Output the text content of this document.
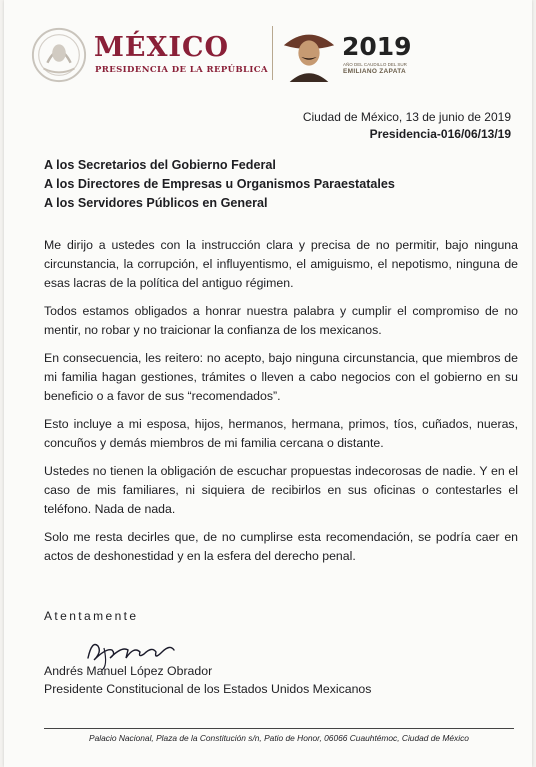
MÉXICO
PRESIDENCIA DE LA REPÚBLICA
2019
AÑO DEL CAUDILLO DEL SUR
EMILIANO ZAPATA
Ciudad de México, 13 de junio de 2019
Presidencia-016/06/13/19
A los Secretarios del Gobierno Federal
A los Directores de Empresas u Organismos Paraestatales
A los Servidores Públicos en General

Me dirijo a ustedes con la instrucción clara y precisa de no permitir, bajo ninguna circunstancia, la corrupción, el influyentismo, el amiguismo, el nepotismo, ninguna de esas lacras de la política del antiguo régimen.

Todos estamos obligados a honrar nuestra palabra y cumplir el compromiso de no mentir, no robar y no traicionar la confianza de los mexicanos.

En consecuencia, les reitero: no acepto, bajo ninguna circunstancia, que miembros de mi familia hagan gestiones, trámites o lleven a cabo negocios con el gobierno en su beneficio o a favor de sus “recomendados”.

Esto incluye a mi esposa, hijos, hermanos, hermana, primos, tíos, cuñados, nueras, concuños y demás miembros de mi familia cercana o distante.

Ustedes no tienen la obligación de escuchar propuestas indecorosas de nadie. Y en el caso de mis familiares, ni siquiera de recibirlos en sus oficinas o contestarles el teléfono. Nada de nada.

Solo me resta decirles que, de no cumplirse esta recomendación, se podría caer en actos de deshonestidad y en la esfera del derecho penal.

Atentamente
Andrés Manuel López Obrador
Presidente Constitucional de los Estados Unidos Mexicanos
Palacio Nacional, Plaza de la Constitución s/n, Patio de Honor, 06066 Cuauhtémoc, Ciudad de México
